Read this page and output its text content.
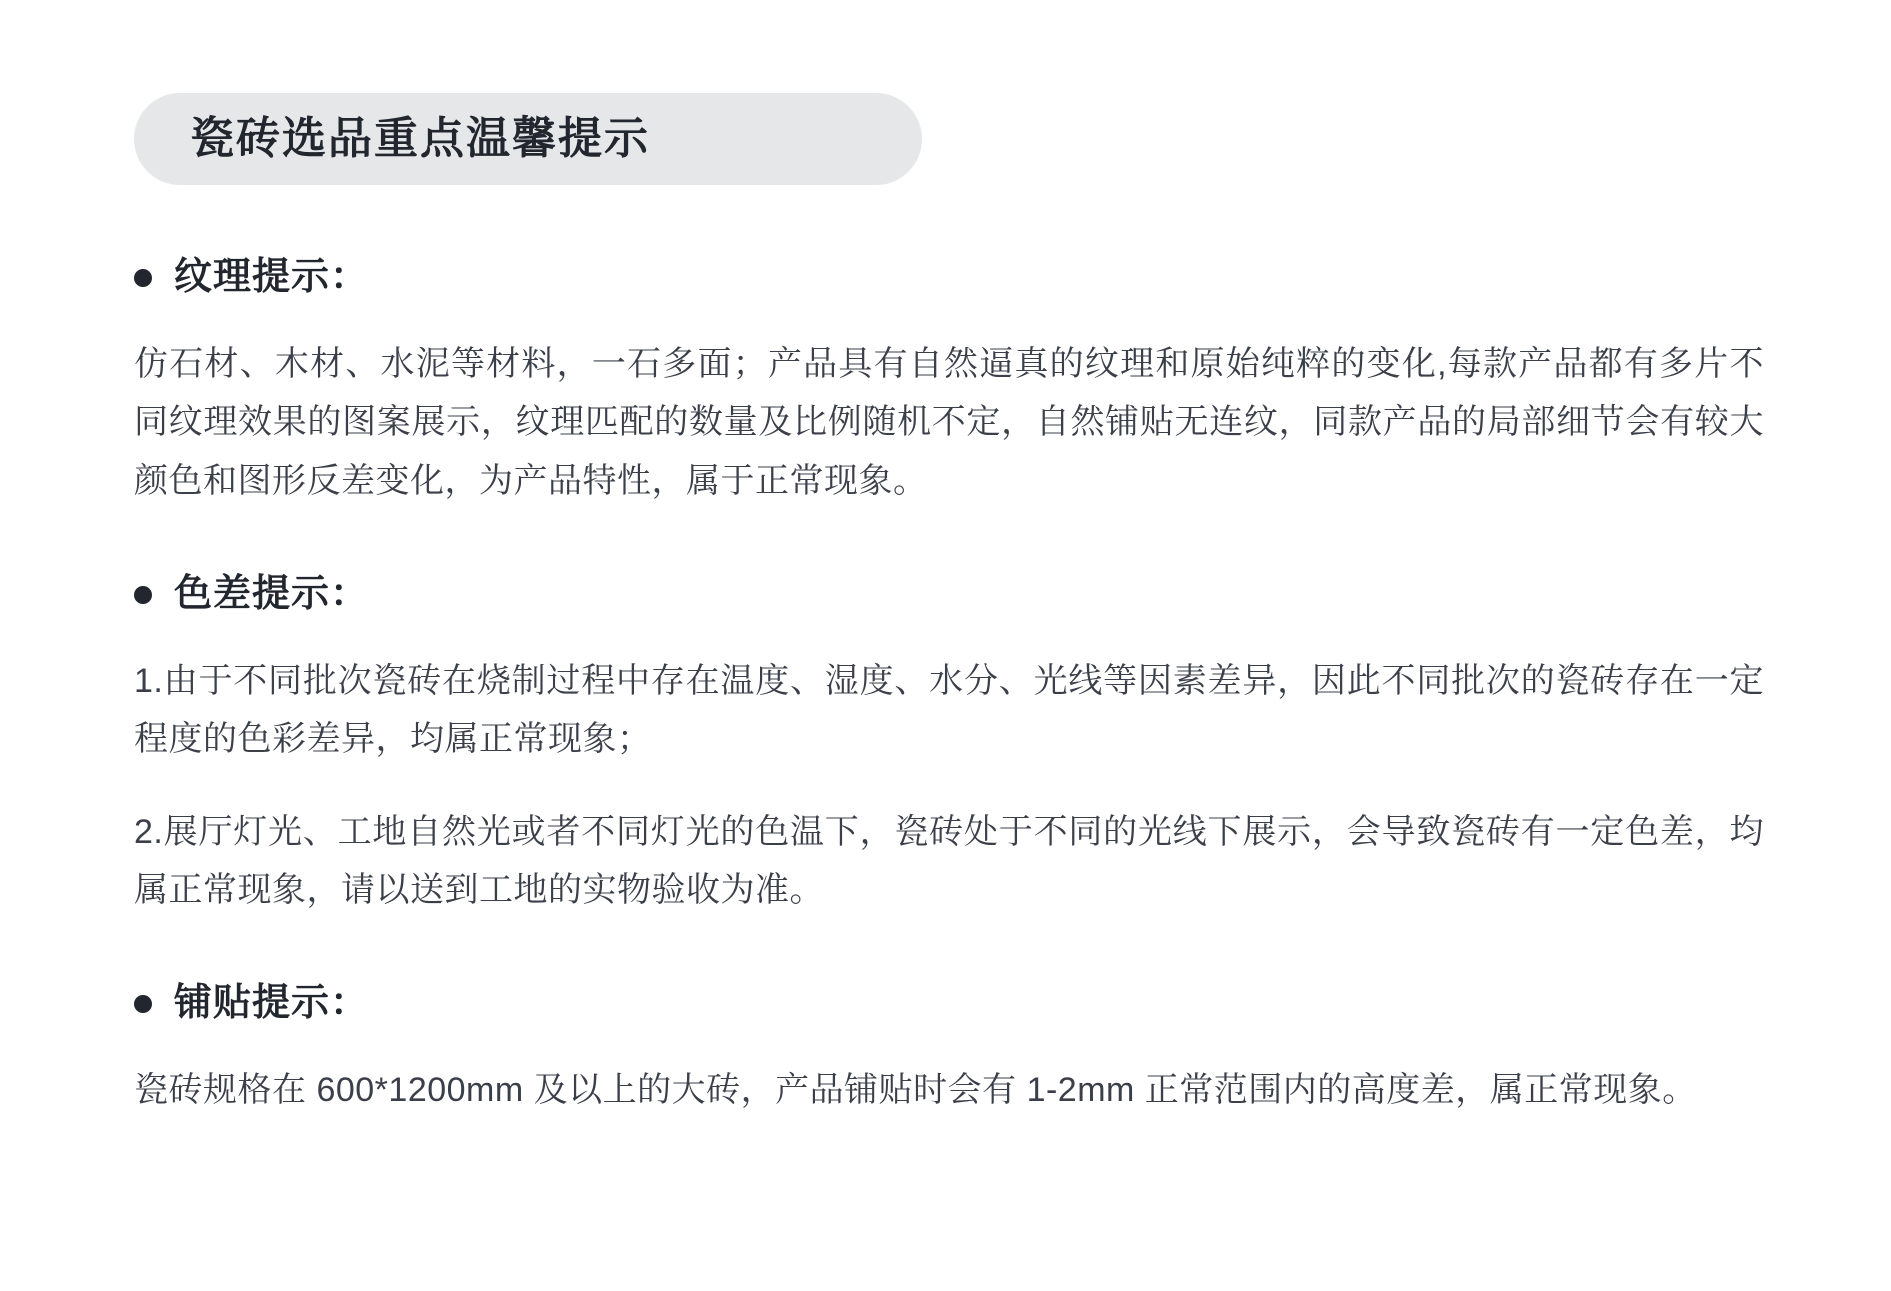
瓷砖选品重点温馨提示
纹理提示：

仿石材、木材、水泥等材料，一石多面；产品具有自然逼真的纹理和原始纯粹的变化,每款产品都有多片不同纹理效果的图案展示，纹理匹配的数量及比例随机不定，自然铺贴无连纹，同款产品的局部细节会有较大颜色和图形反差变化，为产品特性，属于正常现象。

色差提示：

1.由于不同批次瓷砖在烧制过程中存在温度、湿度、水分、光线等因素差异，因此不同批次的瓷砖存在一定程度的色彩差异，均属正常现象；

2.展厅灯光、工地自然光或者不同灯光的色温下，瓷砖处于不同的光线下展示，会导致瓷砖有一定色差，均属正常现象，请以送到工地的实物验收为准。

铺贴提示：

瓷砖规格在 600*1200mm 及以上的大砖，产品铺贴时会有 1-2mm 正常范围内的高度差，属正常现象。
